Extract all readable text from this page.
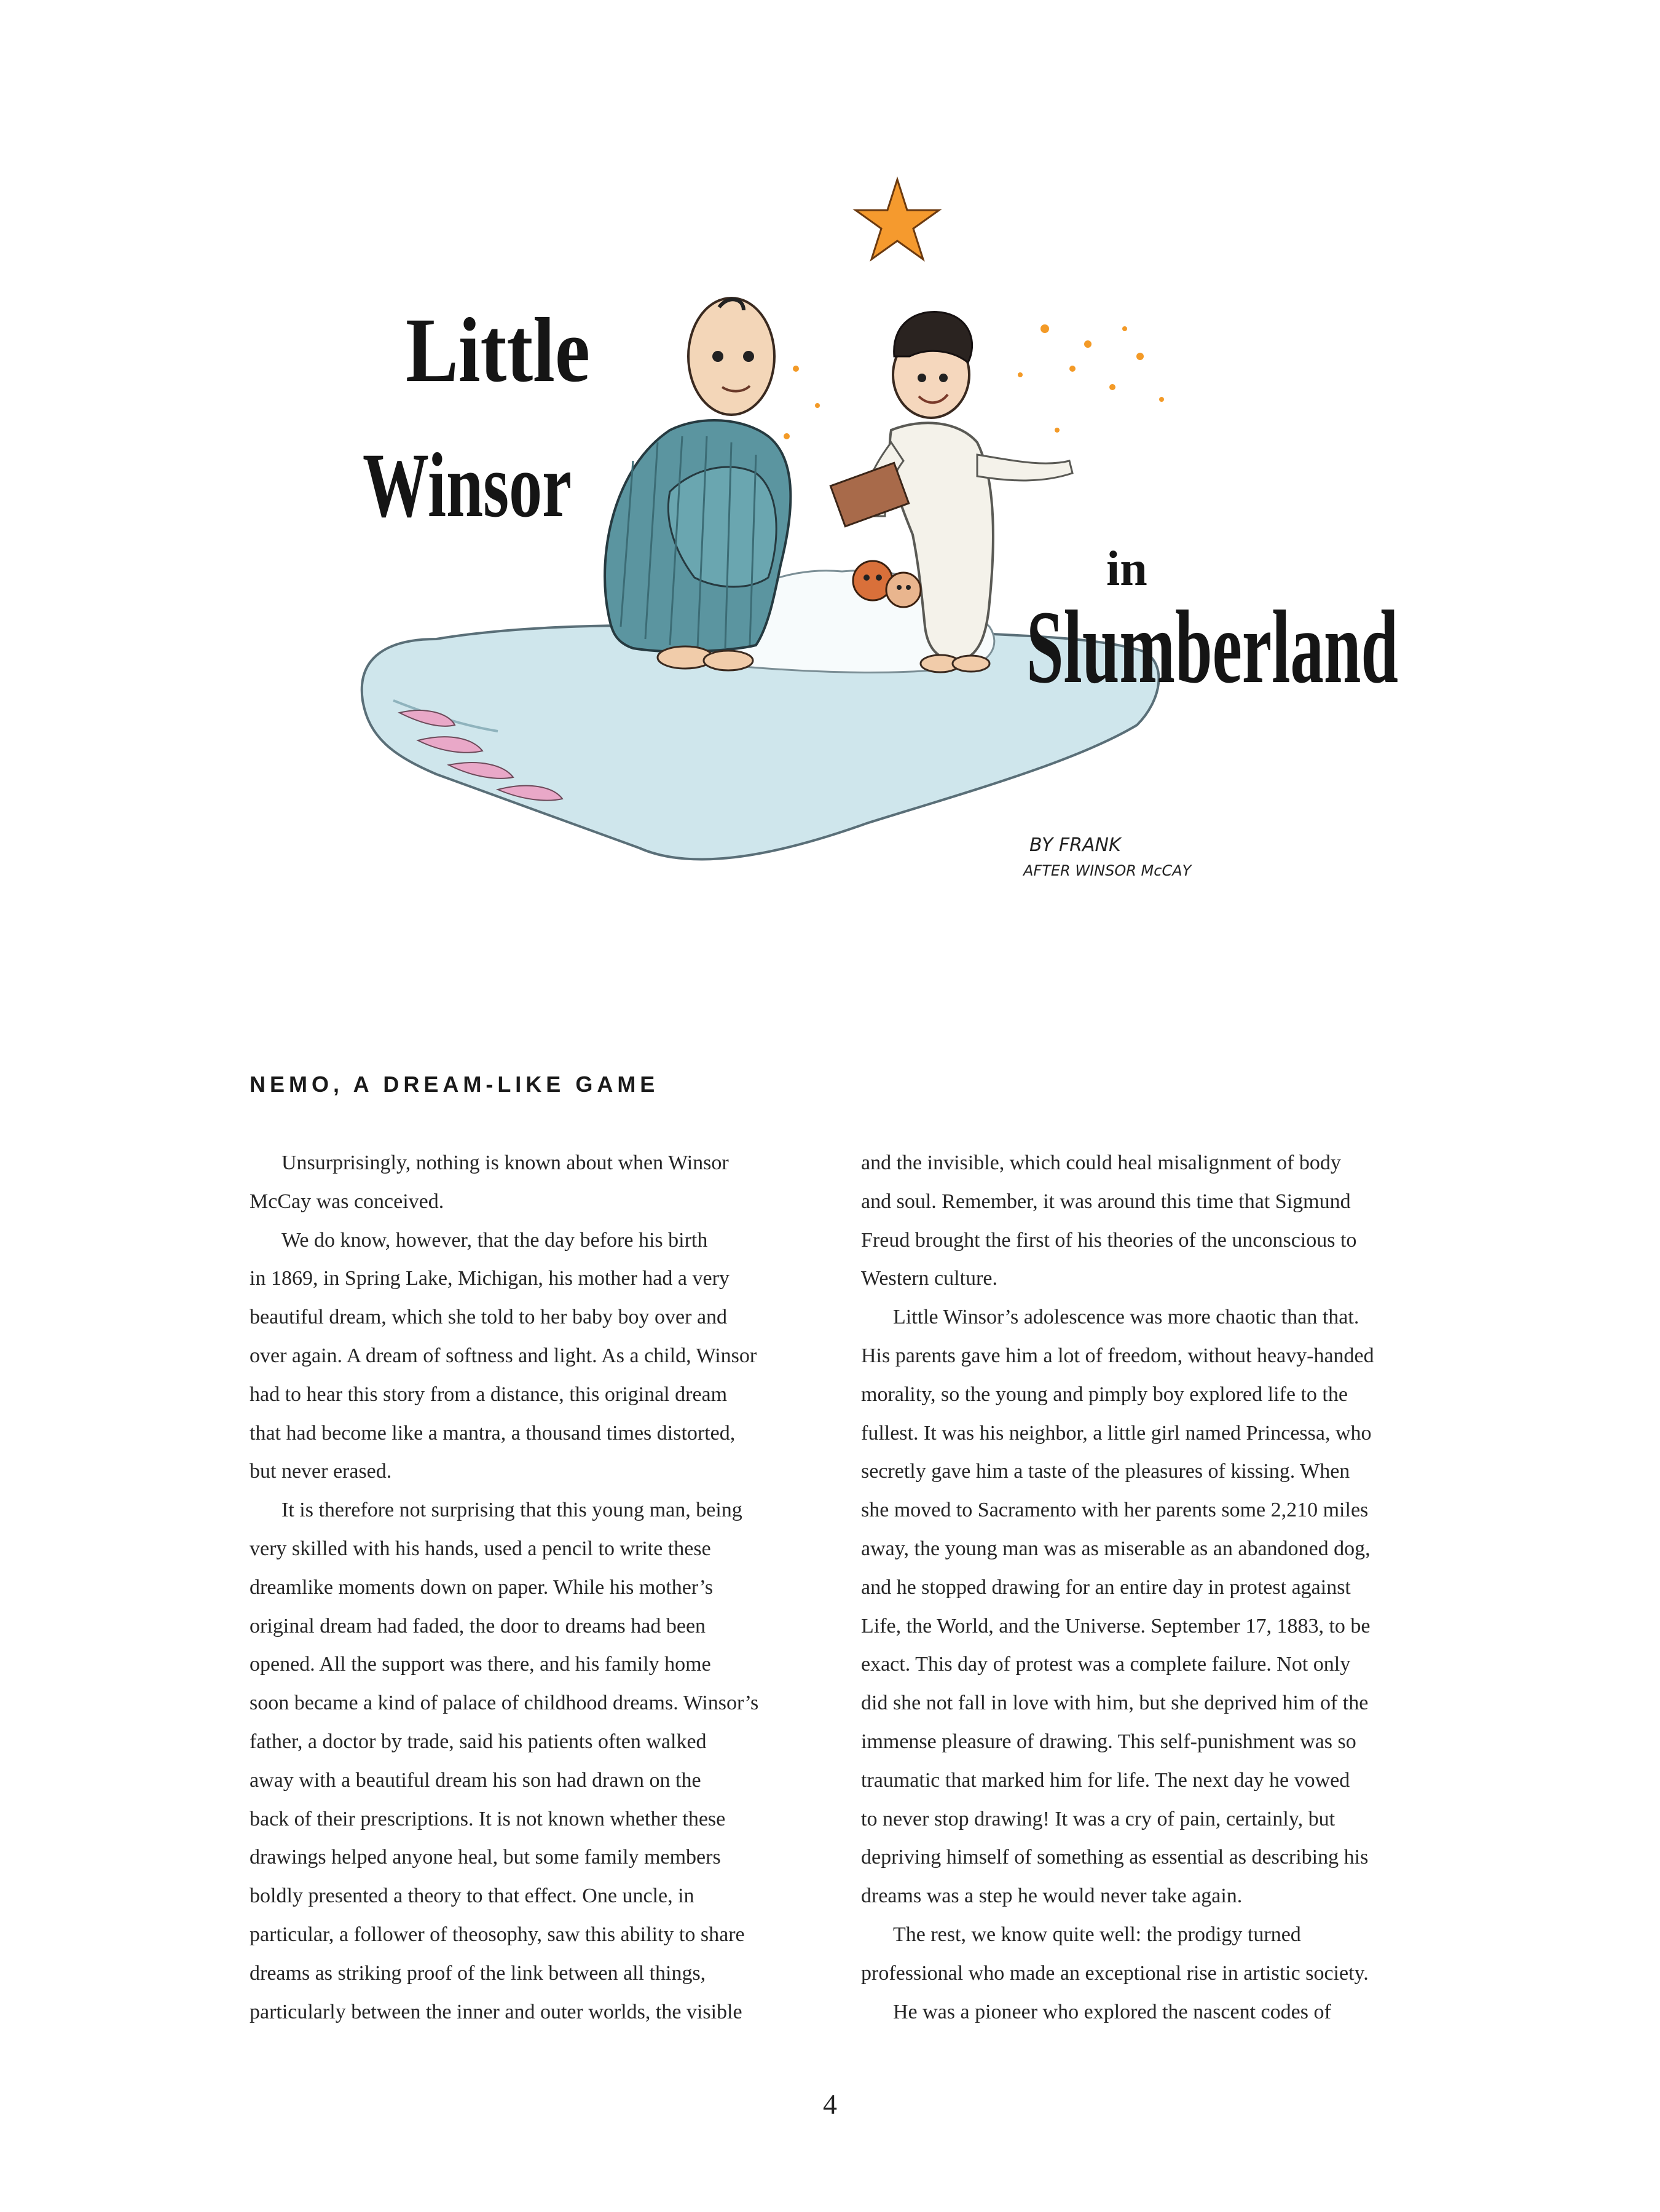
Little
Winsor
in
Slumberland
BY FRANK
AFTER WINSOR McCAY
NEMO, A DREAM-LIKE GAME
Unsurprisingly, nothing is known about when Winsor
McCay was conceived.
We do know, however, that the day before his birth
in 1869, in Spring Lake, Michigan, his mother had a very
beautiful dream, which she told to her baby boy over and
over again. A dream of softness and light. As a child, Winsor
had to hear this story from a distance, this original dream
that had become like a mantra, a thousand times distorted,
but never erased.
It is therefore not surprising that this young man, being
very skilled with his hands, used a pencil to write these
dreamlike moments down on paper. While his mother’s
original dream had faded, the door to dreams had been
opened. All the support was there, and his family home
soon became a kind of palace of childhood dreams. Winsor’s
father, a doctor by trade, said his patients often walked
away with a beautiful dream his son had drawn on the
back of their prescriptions. It is not known whether these
drawings helped anyone heal, but some family members
boldly presented a theory to that effect. One uncle, in
particular, a follower of theosophy, saw this ability to share
dreams as striking proof of the link between all things,
particularly between the inner and outer worlds, the visible
and the invisible, which could heal misalignment of body
and soul. Remember, it was around this time that Sigmund
Freud brought the first of his theories of the unconscious to
Western culture.
Little Winsor’s adolescence was more chaotic than that.
His parents gave him a lot of freedom, without heavy-handed
morality, so the young and pimply boy explored life to the
fullest. It was his neighbor, a little girl named Princessa, who
secretly gave him a taste of the pleasures of kissing. When
she moved to Sacramento with her parents some 2,210 miles
away, the young man was as miserable as an abandoned dog,
and he stopped drawing for an entire day in protest against
Life, the World, and the Universe. September 17, 1883, to be
exact. This day of protest was a complete failure. Not only
did she not fall in love with him, but she deprived him of the
immense pleasure of drawing. This self-punishment was so
traumatic that marked him for life. The next day he vowed
to never stop drawing! It was a cry of pain, certainly, but
depriving himself of something as essential as describing his
dreams was a step he would never take again.
The rest, we know quite well: the prodigy turned
professional who made an exceptional rise in artistic society.
He was a pioneer who explored the nascent codes of
4
